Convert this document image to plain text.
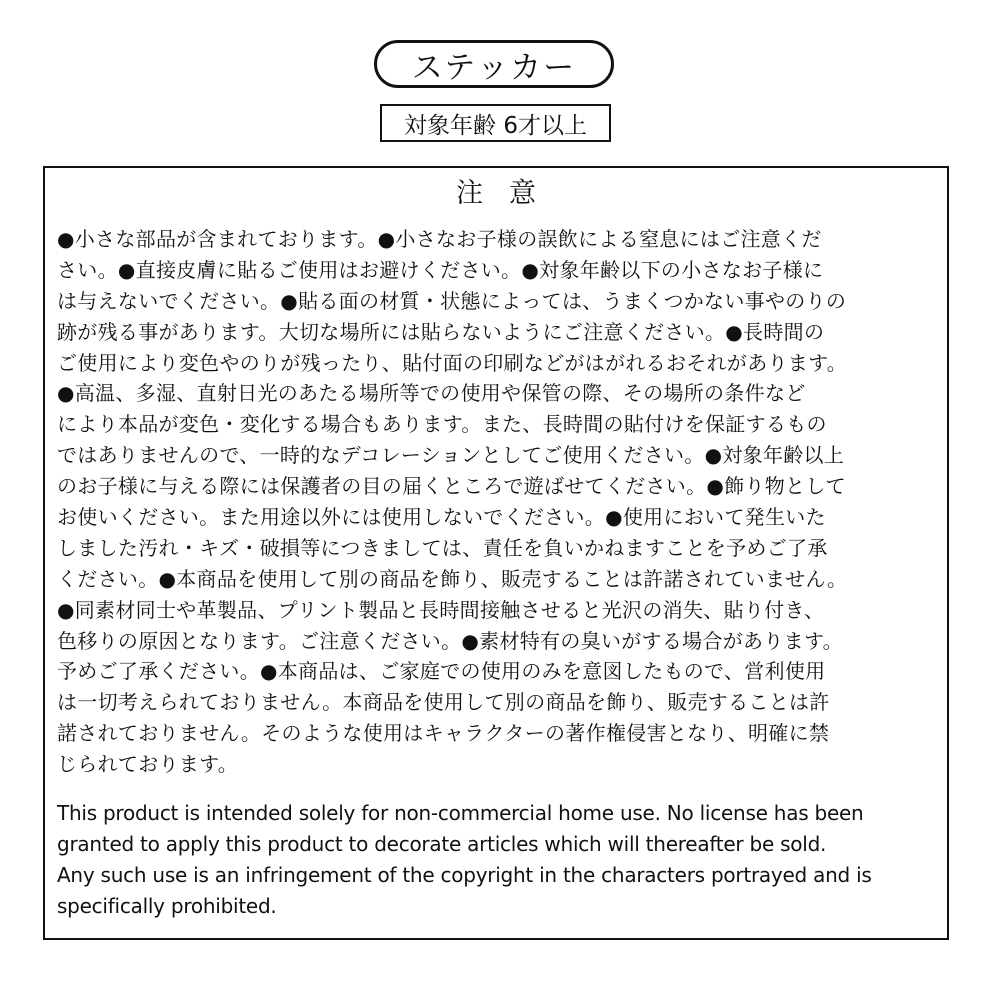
ステッカー
対象年齢 6才以上
注意
●小さな部品が含まれております。●小さなお子様の誤飲による窒息にはご注意くだ
さい。●直接皮膚に貼るご使用はお避けください。●対象年齢以下の小さなお子様に
は与えないでください。●貼る面の材質・状態によっては、うまくつかない事やのりの
跡が残る事があります。大切な場所には貼らないようにご注意ください。●長時間の
ご使用により変色やのりが残ったり、貼付面の印刷などがはがれるおそれがあります。
●高温、多湿、直射日光のあたる場所等での使用や保管の際、その場所の条件など
により本品が変色・変化する場合もあります。また、長時間の貼付けを保証するもの
ではありませんので、一時的なデコレーションとしてご使用ください。●対象年齢以上
のお子様に与える際には保護者の目の届くところで遊ばせてください。●飾り物として
お使いください。また用途以外には使用しないでください。●使用において発生いた
しました汚れ・キズ・破損等につきましては、責任を負いかねますことを予めご了承
ください。●本商品を使用して別の商品を飾り、販売することは許諾されていません。
●同素材同士や革製品、プリント製品と長時間接触させると光沢の消失、貼り付き、
色移りの原因となります。ご注意ください。●素材特有の臭いがする場合があります。
予めご了承ください。●本商品は、ご家庭での使用のみを意図したもので、営利使用
は一切考えられておりません。本商品を使用して別の商品を飾り、販売することは許
諾されておりません。そのような使用はキャラクターの著作権侵害となり、明確に禁
じられております。
This product is intended solely for non-commercial home use. No license has been
granted to apply this product to decorate articles which will thereafter be sold.
Any such use is an infringement of the copyright in the characters portrayed and is
specifically prohibited.
